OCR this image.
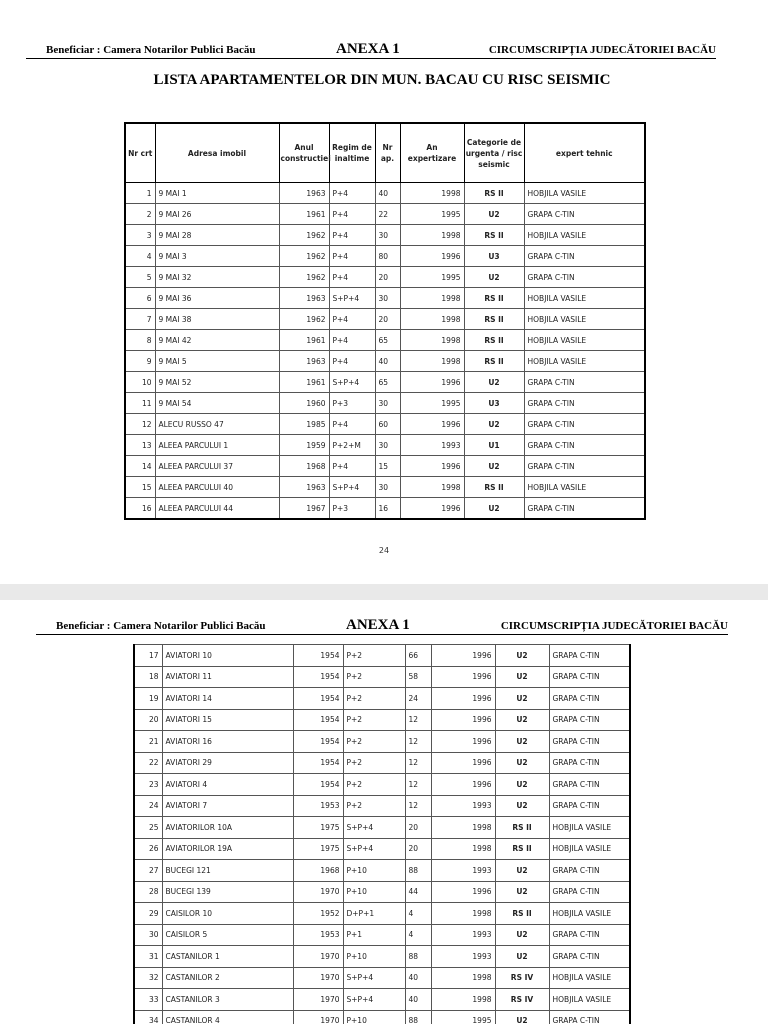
Beneficiar : Camera Notarilor Publici Bacău	ANEXA 1	CIRCUMSCRIPȚIA JUDECĂTORIEI BACĂU
LISTA APARTAMENTELOR DIN MUN. BACAU CU RISC SEISMIC
Nr crt	Adresa imobil	Anul constructiei	Regim de inaltime	Nr ap.	An expertizare	Categorie de urgenta / risc seismic	expert tehnic
1	9 MAI 1	1963	P+4	40	1998	RS II	HOBJILA VASILE
2	9 MAI 26	1961	P+4	22	1995	U2	GRAPA C-TIN
3	9 MAI 28	1962	P+4	30	1998	RS II	HOBJILA VASILE
4	9 MAI 3	1962	P+4	80	1996	U3	GRAPA C-TIN
5	9 MAI 32	1962	P+4	20	1995	U2	GRAPA C-TIN
6	9 MAI 36	1963	S+P+4	30	1998	RS II	HOBJILA VASILE
7	9 MAI 38	1962	P+4	20	1998	RS II	HOBJILA VASILE
8	9 MAI 42	1961	P+4	65	1998	RS II	HOBJILA VASILE
9	9 MAI 5	1963	P+4	40	1998	RS II	HOBJILA VASILE
10	9 MAI 52	1961	S+P+4	65	1996	U2	GRAPA C-TIN
11	9 MAI 54	1960	P+3	30	1995	U3	GRAPA C-TIN
12	ALECU RUSSO 47	1985	P+4	60	1996	U2	GRAPA C-TIN
13	ALEEA PARCULUI 1	1959	P+2+M	30	1993	U1	GRAPA C-TIN
14	ALEEA PARCULUI 37	1968	P+4	15	1996	U2	GRAPA C-TIN
15	ALEEA PARCULUI 40	1963	S+P+4	30	1998	RS II	HOBJILA VASILE
16	ALEEA PARCULUI 44	1967	P+3	16	1996	U2	GRAPA C-TIN
24
Beneficiar : Camera Notarilor Publici Bacău	ANEXA 1	CIRCUMSCRIPȚIA JUDECĂTORIEI BACĂU
17	AVIATORI 10	1954	P+2	66	1996	U2	GRAPA C-TIN
18	AVIATORI 11	1954	P+2	58	1996	U2	GRAPA C-TIN
19	AVIATORI 14	1954	P+2	24	1996	U2	GRAPA C-TIN
20	AVIATORI 15	1954	P+2	12	1996	U2	GRAPA C-TIN
21	AVIATORI 16	1954	P+2	12	1996	U2	GRAPA C-TIN
22	AVIATORI 29	1954	P+2	12	1996	U2	GRAPA C-TIN
23	AVIATORI 4	1954	P+2	12	1996	U2	GRAPA C-TIN
24	AVIATORI 7	1953	P+2	12	1993	U2	GRAPA C-TIN
25	AVIATORILOR 10A	1975	S+P+4	20	1998	RS II	HOBJILA VASILE
26	AVIATORILOR 19A	1975	S+P+4	20	1998	RS II	HOBJILA VASILE
27	BUCEGI 121	1968	P+10	88	1993	U2	GRAPA C-TIN
28	BUCEGI 139	1970	P+10	44	1996	U2	GRAPA C-TIN
29	CAISILOR 10	1952	D+P+1	4	1998	RS II	HOBJILA VASILE
30	CAISILOR 5	1953	P+1	4	1993	U2	GRAPA C-TIN
31	CASTANILOR 1	1970	P+10	88	1993	U2	GRAPA C-TIN
32	CASTANILOR 2	1970	S+P+4	40	1998	RS IV	HOBJILA VASILE
33	CASTANILOR 3	1970	S+P+4	40	1998	RS IV	HOBJILA VASILE
34	CASTANILOR 4	1970	P+10	88	1995	U2	GRAPA C-TIN
